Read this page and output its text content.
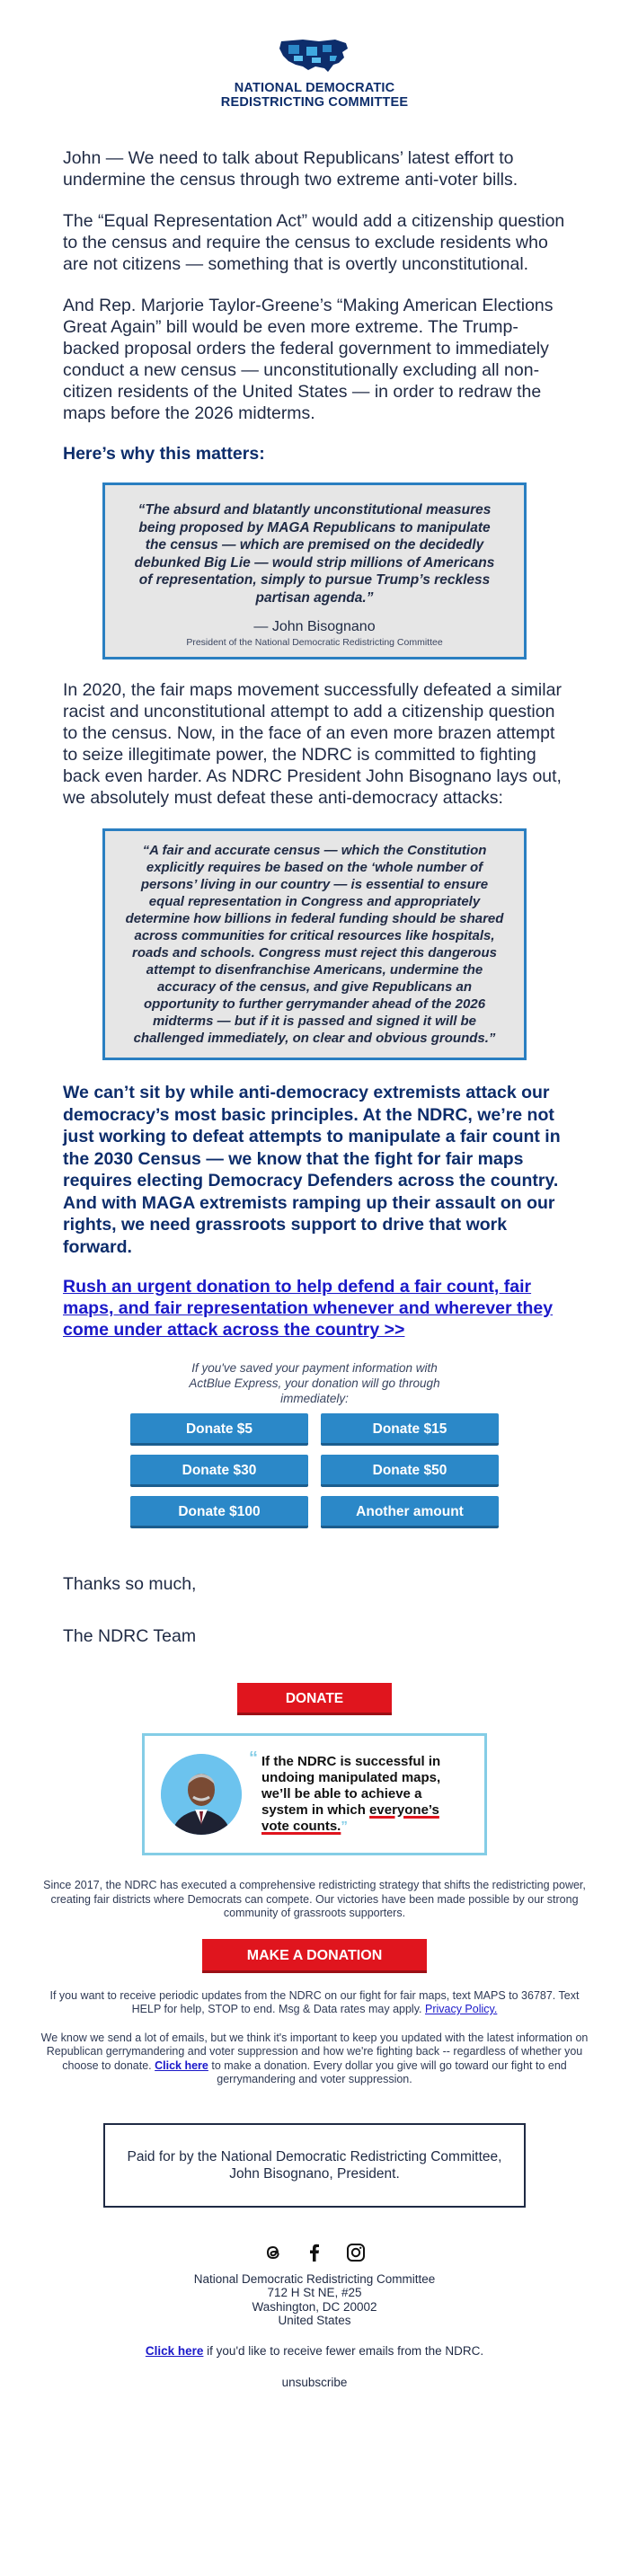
NATIONAL DEMOCRATIC
REDISTRICTING COMMITTEE

John — We need to talk about Republicans’ latest effort to undermine the census through two extreme anti-voter bills.

The “Equal Representation Act” would add a citizenship question to the census and require the census to exclude residents who are not citizens — something that is overtly unconstitutional.

And Rep. Marjorie Taylor-Greene’s “Making American Elections Great Again” bill would be even more extreme. The Trump-backed proposal orders the federal government to immediately conduct a new census — unconstitutionally excluding all non-citizen residents of the United States — in order to redraw the maps before the 2026 midterms.

Here’s why this matters:

“The absurd and blatantly unconstitutional measures being proposed by MAGA Republicans to manipulate the census — which are premised on the decidedly debunked Big Lie — would strip millions of Americans of representation, simply to pursue Trump’s reckless partisan agenda.”

— John Bisognano

President of the National Democratic Redistricting Committee

In 2020, the fair maps movement successfully defeated a similar racist and unconstitutional attempt to add a citizenship question to the census. Now, in the face of an even more brazen attempt to seize illegitimate power, the NDRC is committed to fighting back even harder. As NDRC President John Bisognano lays out, we absolutely must defeat these anti-democracy attacks:

“A fair and accurate census — which the Constitution explicitly requires be based on the ‘whole number of persons’ living in our country — is essential to ensure equal representation in Congress and appropriately determine how billions in federal funding should be shared across communities for critical resources like hospitals, roads and schools. Congress must reject this dangerous attempt to disenfranchise Americans, undermine the accuracy of the census, and give Republicans an opportunity to further gerrymander ahead of the 2026 midterms — but if it is passed and signed it will be challenged immediately, on clear and obvious grounds.”

We can’t sit by while anti-democracy extremists attack our democracy’s most basic principles. At the NDRC, we’re not just working to defeat attempts to manipulate a fair count in the 2030 Census — we know that the fight for fair maps requires electing Democracy Defenders across the country. And with MAGA extremists ramping up their assault on our rights, we need grassroots support to drive that work forward.

Rush an urgent donation to help defend a fair count, fair maps, and fair representation whenever and wherever they come under attack across the country >>

If you've saved your payment information with ActBlue Express, your donation will go through immediately:

Donate $5	Donate $15
Donate $30	Donate $50
Donate $100	Another amount

Thanks so much,

The NDRC Team

DONATE
“ If the NDRC is successful in undoing manipulated maps, we’ll be able to achieve a system in which everyone’s vote counts.”

Since 2017, the NDRC has executed a comprehensive redistricting strategy that shifts the redistricting power, creating fair districts where Democrats can compete. Our victories have been made possible by our strong community of grassroots supporters.

MAKE A DONATION

If you want to receive periodic updates from the NDRC on our fight for fair maps, text MAPS to 36787. Text HELP for help, STOP to end. Msg & Data rates may apply. Privacy Policy.

We know we send a lot of emails, but we think it's important to keep you updated with the latest information on Republican gerrymandering and voter suppression and how we're fighting back -- regardless of whether you choose to donate. Click here to make a donation. Every dollar you give will go toward our fight to end gerrymandering and voter suppression.

Paid for by the National Democratic Redistricting Committee, John Bisognano, President.
National Democratic Redistricting Committee
712 H St NE, #25
Washington, DC 20002
United States

Click here if you'd like to receive fewer emails from the NDRC.

unsubscribe
